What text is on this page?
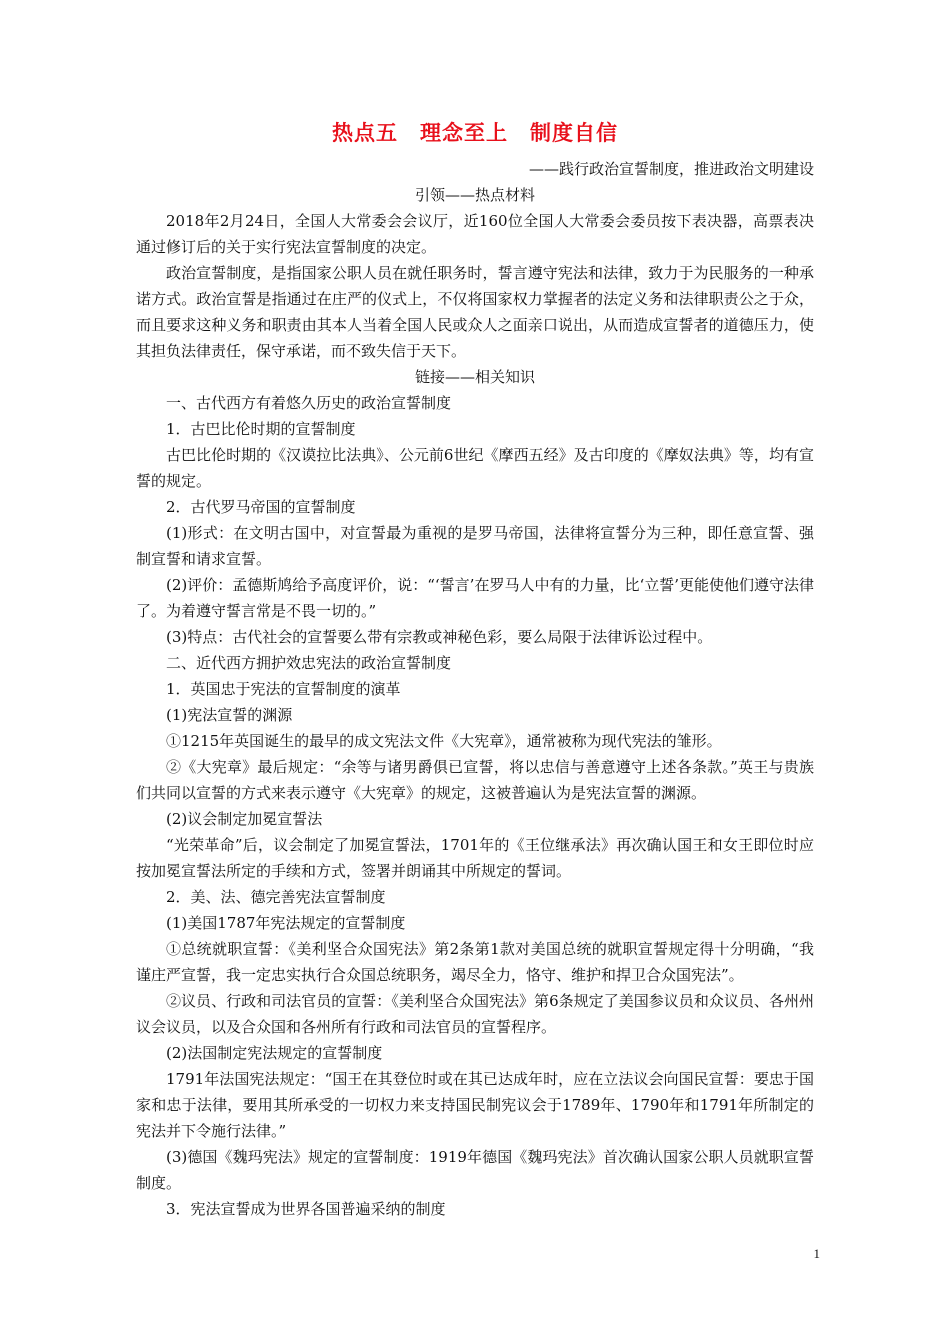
热点五　理念至上　制度自信
——践行政治宣誓制度，推进政治文明建设
引领——热点材料

2018年2月24日，全国人大常委会会议厅，近160位全国人大常委会委员按下表决器，高票表决通过修订后的关于实行宪法宣誓制度的决定。

政治宣誓制度，是指国家公职人员在就任职务时，誓言遵守宪法和法律，致力于为民服务的一种承诺方式。政治宣誓是指通过在庄严的仪式上，不仅将国家权力掌握者的法定义务和法律职责公之于众，而且要求这种义务和职责由其本人当着全国人民或众人之面亲口说出，从而造成宣誓者的道德压力，使其担负法律责任，保守承诺，而不致失信于天下。

链接——相关知识

一、古代西方有着悠久历史的政治宣誓制度

1．古巴比伦时期的宣誓制度

古巴比伦时期的《汉谟拉比法典》、公元前6世纪《摩西五经》及古印度的《摩奴法典》等，均有宣誓的规定。

2．古代罗马帝国的宣誓制度

(1)形式：在文明古国中，对宣誓最为重视的是罗马帝国，法律将宣誓分为三种，即任意宣誓、强制宣誓和请求宣誓。

(2)评价：孟德斯鸠给予高度评价，说：“‘誓言’在罗马人中有的力量，比‘立誓’更能使他们遵守法律了。为着遵守誓言常是不畏一切的。”

(3)特点：古代社会的宣誓要么带有宗教或神秘色彩，要么局限于法律诉讼过程中。

二、近代西方拥护效忠宪法的政治宣誓制度

1．英国忠于宪法的宣誓制度的演革

(1)宪法宣誓的渊源

①1215年英国诞生的最早的成文宪法文件《大宪章》，通常被称为现代宪法的雏形。

②《大宪章》最后规定：“余等与诸男爵俱已宣誓，将以忠信与善意遵守上述各条款。”英王与贵族们共同以宣誓的方式来表示遵守《大宪章》的规定，这被普遍认为是宪法宣誓的渊源。

(2)议会制定加冕宣誓法

“光荣革命”后，议会制定了加冕宣誓法，1701年的《王位继承法》再次确认国王和女王即位时应按加冕宣誓法所定的手续和方式，签署并朗诵其中所规定的誓词。

2．美、法、德完善宪法宣誓制度

(1)美国1787年宪法规定的宣誓制度

①总统就职宣誓：《美利坚合众国宪法》第2条第1款对美国总统的就职宣誓规定得十分明确，“我谨庄严宣誓，我一定忠实执行合众国总统职务，竭尽全力，恪守、维护和捍卫合众国宪法”。

②议员、行政和司法官员的宣誓：《美利坚合众国宪法》第6条规定了美国参议员和众议员、各州州议会议员，以及合众国和各州所有行政和司法官员的宣誓程序。

(2)法国制定宪法规定的宣誓制度

1791年法国宪法规定：“国王在其登位时或在其已达成年时，应在立法议会向国民宣誓：要忠于国家和忠于法律，要用其所承受的一切权力来支持国民制宪议会于1789年、1790年和1791年所制定的宪法并下令施行法律。”

(3)德国《魏玛宪法》规定的宣誓制度：1919年德国《魏玛宪法》首次确认国家公职人员就职宣誓制度。

3．宪法宣誓成为世界各国普遍采纳的制度

1
